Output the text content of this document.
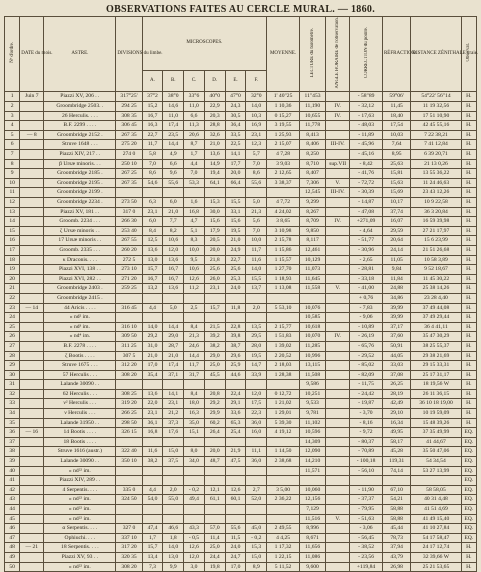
OBSERVATIONS FAITES AU CERCLE MURAL. — 1860.
Nº d'ordre.	DATE du mois.	ASTRE.	DIVISIONS du limbe.	MICROSCOPES.						MOYENNE.	LECTURE du baromètre.	ANGLE HORAIRE de l'observation.	CORRECTION du pointé.	RÉFRACTION.	DISTANCE ZÉNITHALE vraie.	Observat.
				A.	B.	C.	D.	E.	F.							
1	Juin 7	Piazzi XV, 206 . .	317°25'	37°2	38°0	33°6	40°0	47°0	32°0	1' 40"25	11"453		- 58"89	59°06'	54°22' 56"14	H.
2		Groombridge 2503. .	294 25	15,2	14,6	11,0	22,9	24,3	14,0	1 10,36	11,190	IV.	- 32,12	11,45	11 19 32,56	H.
3		26 Herculis. . . .	308 35	16,7	11,0	6,6	20,3	30,5	10,3	0 15,27	10,655	IV.	- 17,63	18,40	17 51 10,90	H.
4		B.F. 2299 . . . .	306 45	16,3	17,4	11,3	28,8	36,4	16,9	3 19,55	11,778		- 48,03	17,54	42 45 55,16	H.
5	— 8	Groombridge 2152 .	267 35	22,7	23,5	20,6	32,6	33,5	23,1	1 25,93	8,413		- 11,89	10,03	7 22 38,21	H.
6		Struve 1648 . . .	275 20	11,7	14,4	8,7	21,0	22,5	12,3	2 15,07	8,406	III-IV.	- 45,96	7,64	7 41 12,84	H.
7		Piazzi XIV, 217 . .	274 0	5,8	4,9	1,7	13,6	14,1	5,7	4 7,28	8,250		- 45,16	8,95	6 39 20,71	H.
8		β Ursæ minoris. . .	250 10	7,0	6,6	4,4	14,9	17,7	7,0	3 9,03	8,710	sup.VII	- 8,42	25,63	21 13 0,26	H.
9		Groombridge 2185 .	267 25	8,6	9,6	7,0	19,4	20,0	8,6	2 12,65	8,407		- 41,76	15,81	13 55 36,22	H.
10		Groombridge 2195 .	267 35	54,6	55,6	53,3	64,1	66,4	55,6	3 38,37	7,306	V.	- 72,72	15,63	11 24 46,63	H.
11		Groombridge 2199 .									12,545	III-IV.	- 30,39	15,69	23 43 12,26	H.
12		Groombridge 2234 .	273 50	6,3	6,0	1,6	15,3	15,5	5,0	4 7,72	9,299		- 14,87	10,17	10 9 22,58	H.
13		Piazzi XV, 181 . .	317 0	23,1	21,0	16,8	30,0	33,1	21,3	4 24,02	8,267		- 47,08	37,74	36 3 20,84	H.
14		Groomb. 2234 . . .	266 30	6,0	7,7	4,7	15,6	15,6	5,6	3 8,65	8,709	IV.	+271,09	16,07	16 59 39,98	H.
15		ζ Ursæ minoris . .	253 40	8,4	8,2	5,1	17,9	19,5	7,0	3 10,98	9,850		- 4,64	29,59	27 21 17,97	H.
16		17 Ursæ minoris . .	267 55	12,5	10,6	8,3	20,5	21,0	10,0	2 15,78	8,117		- 51,77	20,64	15 6 23,99	H.
17		Groomb. 2335 . . .	260 20	13,6	12,0	10,0	20,0	24,9	11,7	1 15,86	12,461		- 30,96	24,14	21 51 26,68	H.
18		κ Draconis. . . .	272 5	13,0	13,6	9,5	21,8	22,7	11,6	1 15,57	10,129		- 2,65	11,05	10 58 3,89	H.
19		Piazzi XVI, 138 . .	273 10	15,7	16,7	10,6	25,6	25,6	14,0	1 27,70	11,073		- 28,81	9,84	9 52 18,67	H.
20		Piazzi XVI, 282 . .	271 20	16,7	16,7	12,6	26,0	25,3	15,5	1 18,93	11,645		- 33,18	11,84	11 45 30,22	H.
21		Groombridge 2403 .	259 25	13,2	13,6	11,2	23,1	24,0	13,7	1 13,08	11,558	V.	- 41,00	24,88	25 38 14,26	H.
22		Groombridge 2415 .											+ 0,76	34,86	23 28 4,40	H.
23	— 14	44 Aricis . . . .	316 45	4,4	5,0	2,5	15,7	11,8	2,0	5 53,10	10,076		- 7,83	39,99	37 49 44,08	H.
24		» nd² im.									10,585		- 9,06	39,99	37 49 29,44	H.
25		» nd³ im.	316 10	14,0	14,4	8,4	21,5	22,8	13,5	2 15,77	10,618		- 10,89	37,17	36 4 41,11	H.
26		» nd⁴ im.	309 50	29,2	29,0	21,3	39,2	39,8	29,5	1 51,83	10,070	IV.	- 26,19	37,60	35 47 30,29	H.
27		B.F. 2278 . . . .	311 25	31,0	28,7	24,6	38,2	38,7	28,0	1 39,02	11,285		- 65,76	50,91	38 25 55,37	H.
28		ζ Bootis . . . .	307 5	21,0	21,0	14,4	29,0	29,6	19,5	2 20,52	10,996		- 29,52	44,05	29 38 21,69	H.
29		Struve 1675 . . .	312 20	17,0	17,4	11,7	25,0	25,9	14,7	2 18,03	13,115		- 85,02	33,03	29 15 33,31	H.
30		57 Herculis . . .	308 20	35,4	37,1	31,7	45,5	44,6	33,9	1 28,38	11,508		- 82,09	37,08	25 17 31,17	H.
31		Lalande 30090 . .									9,586		- 11,75	26,25	18 19,56 W	H.
32		62 Herculis . . .	308 25	13,6	14,1	8,4	20,8	22,4	12,0	0 12,72	10,251		- 24,42	28,19	26 11 36,15	H.
33		ν² Herculis . . .	319 20	22,0	23,1	18,0	29,2	29,1	17,5	1 21,02	9,533		- 19,87	42,49	36 10 18 19,00	H.
34		ν Herculis . . .	266 25	23,1	21,2	16,3	29,9	33,6	22,3	1 29,01	9,781		- 3,70	29,10	10 19 59,09	H.
35		Lalande 31950 . .	298 50	36,1	37,3	35,0	60,2	65,3	36,0	5 39,30	11,102		- 8,16	16,34	15 48 39,26	H.
36	— 16	14 Bootis . . . .	326 15	16,8	17,6	15,1	26,4	25,4	16,0	4 19,12	10,596		- 9,72	49,95	37 35 49,99	EQ.
37		18 Bootis . . . .									14,309		- 80,37	58,17	41 44,67	EQ.
38		Struve 1616 (austr.)	322 40	11,6	15,0	8,0	20,0	21,9	11,1	1 14,50	12,090		- 70,89	45,28	35 50 47,06	EQ.
39		Lalande 30090 . .	350 10	38,2	37,5	34,0	48,7	47,5	36,0	2 38,68	14,210		- 100,18	119,31	54 34,54	EQ.
40		» nd²² im.									11,571		- 56,10	74,14	53 27 13,99	EQ.
41		Piazzi XIV, 289 . .														EQ.
42		4 Serpentis. . . .	335 0	4,4	2,0	- 0,2	12,1	12,6	2,7	3 5,00	10,060		- 11,90	67,10	58 58,05	EQ.
43		» nd²² im.	324 50	54,0	55,0	49,4	61,1	60,1	52,0	2 36,22	12,156		- 37,37	54,21	40 31 4,48	EQ.
44		» nd²² im.									7,129		- 79,95	58,88	41 51 4,69	EQ.
45		» nd²² im.									11,516	V.	- 51,63	58,88	41 49 15,40	EQ.
46		α Serpentis. . . .	327 0	47,4	46,6	43,3	57,0	55,6	45,0	2 49,55	8,996		- 3,06	45,44	41 10 27,84	EQ.
47		Ophiuchi. . . .	337 10	1,7	1,8	- 0,5	11,4	11,5	- 0,2	4 4,25	8,671		- 56,45	78,73	54 17 58,47	EQ.
48	— 21	18 Serpentis. . . .	317 20	15,7	14,0	12,6	25,0	24,0	15,3	1 17,32	11,656		- 38,52	37,94	24 17 12,74	H.
49		Piazzi XV, 93 . .	320 35	13,4	13,0	12,0	24,4	24,7	15,0	1 22,15	11,086		- 23,56	43,79	32 39,66 W	H.
50		» nd²² im.	308 20	7,3	9,9	3,0	19,8	17,0	8,9	5 11,52	9,600		+119,84	26,98	25 21 53,65	H.
